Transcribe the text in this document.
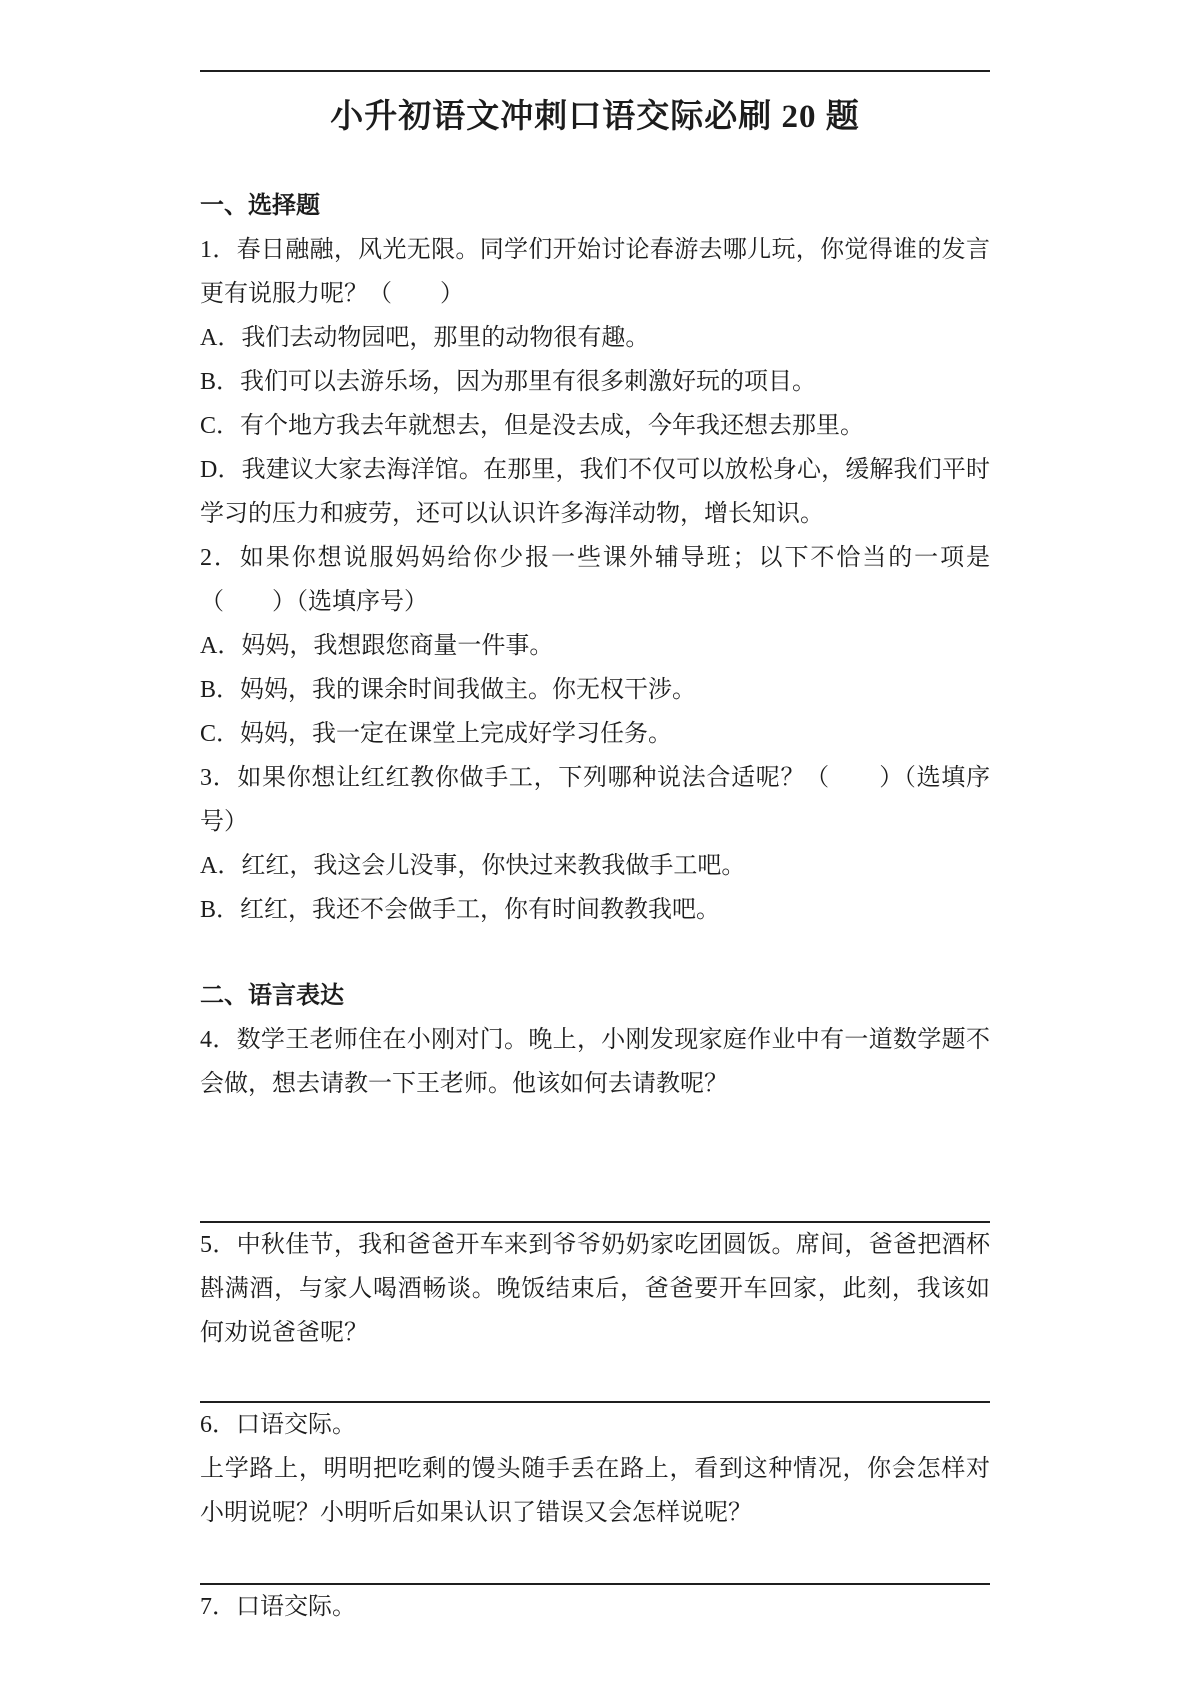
小升初语文冲刺口语交际必刷 20 题
一、选择题

1．春日融融，风光无限。同学们开始讨论春游去哪儿玩，你觉得谁的发言更有说服力呢？（　　）

A．我们去动物园吧，那里的动物很有趣。

B．我们可以去游乐场，因为那里有很多刺激好玩的项目。

C．有个地方我去年就想去，但是没去成，今年我还想去那里。

D．我建议大家去海洋馆。在那里，我们不仅可以放松身心，缓解我们平时学习的压力和疲劳，还可以认识许多海洋动物，增长知识。

2．如果你想说服妈妈给你少报一些课外辅导班；以下不恰当的一项是（　　）（选填序号）

A．妈妈，我想跟您商量一件事。

B．妈妈，我的课余时间我做主。你无权干涉。

C．妈妈，我一定在课堂上完成好学习任务。

3．如果你想让红红教你做手工，下列哪种说法合适呢？（　　）（选填序号）

A．红红，我这会儿没事，你快过来教我做手工吧。

B．红红，我还不会做手工，你有时间教教我吧。

二、语言表达

4．数学王老师住在小刚对门。晚上，小刚发现家庭作业中有一道数学题不会做，想去请教一下王老师。他该如何去请教呢？

5．中秋佳节，我和爸爸开车来到爷爷奶奶家吃团圆饭。席间，爸爸把酒杯斟满酒，与家人喝酒畅谈。晚饭结束后，爸爸要开车回家，此刻，我该如何劝说爸爸呢？

6．口语交际。

上学路上，明明把吃剩的馒头随手丢在路上，看到这种情况，你会怎样对小明说呢？小明听后如果认识了错误又会怎样说呢？

7．口语交际。
